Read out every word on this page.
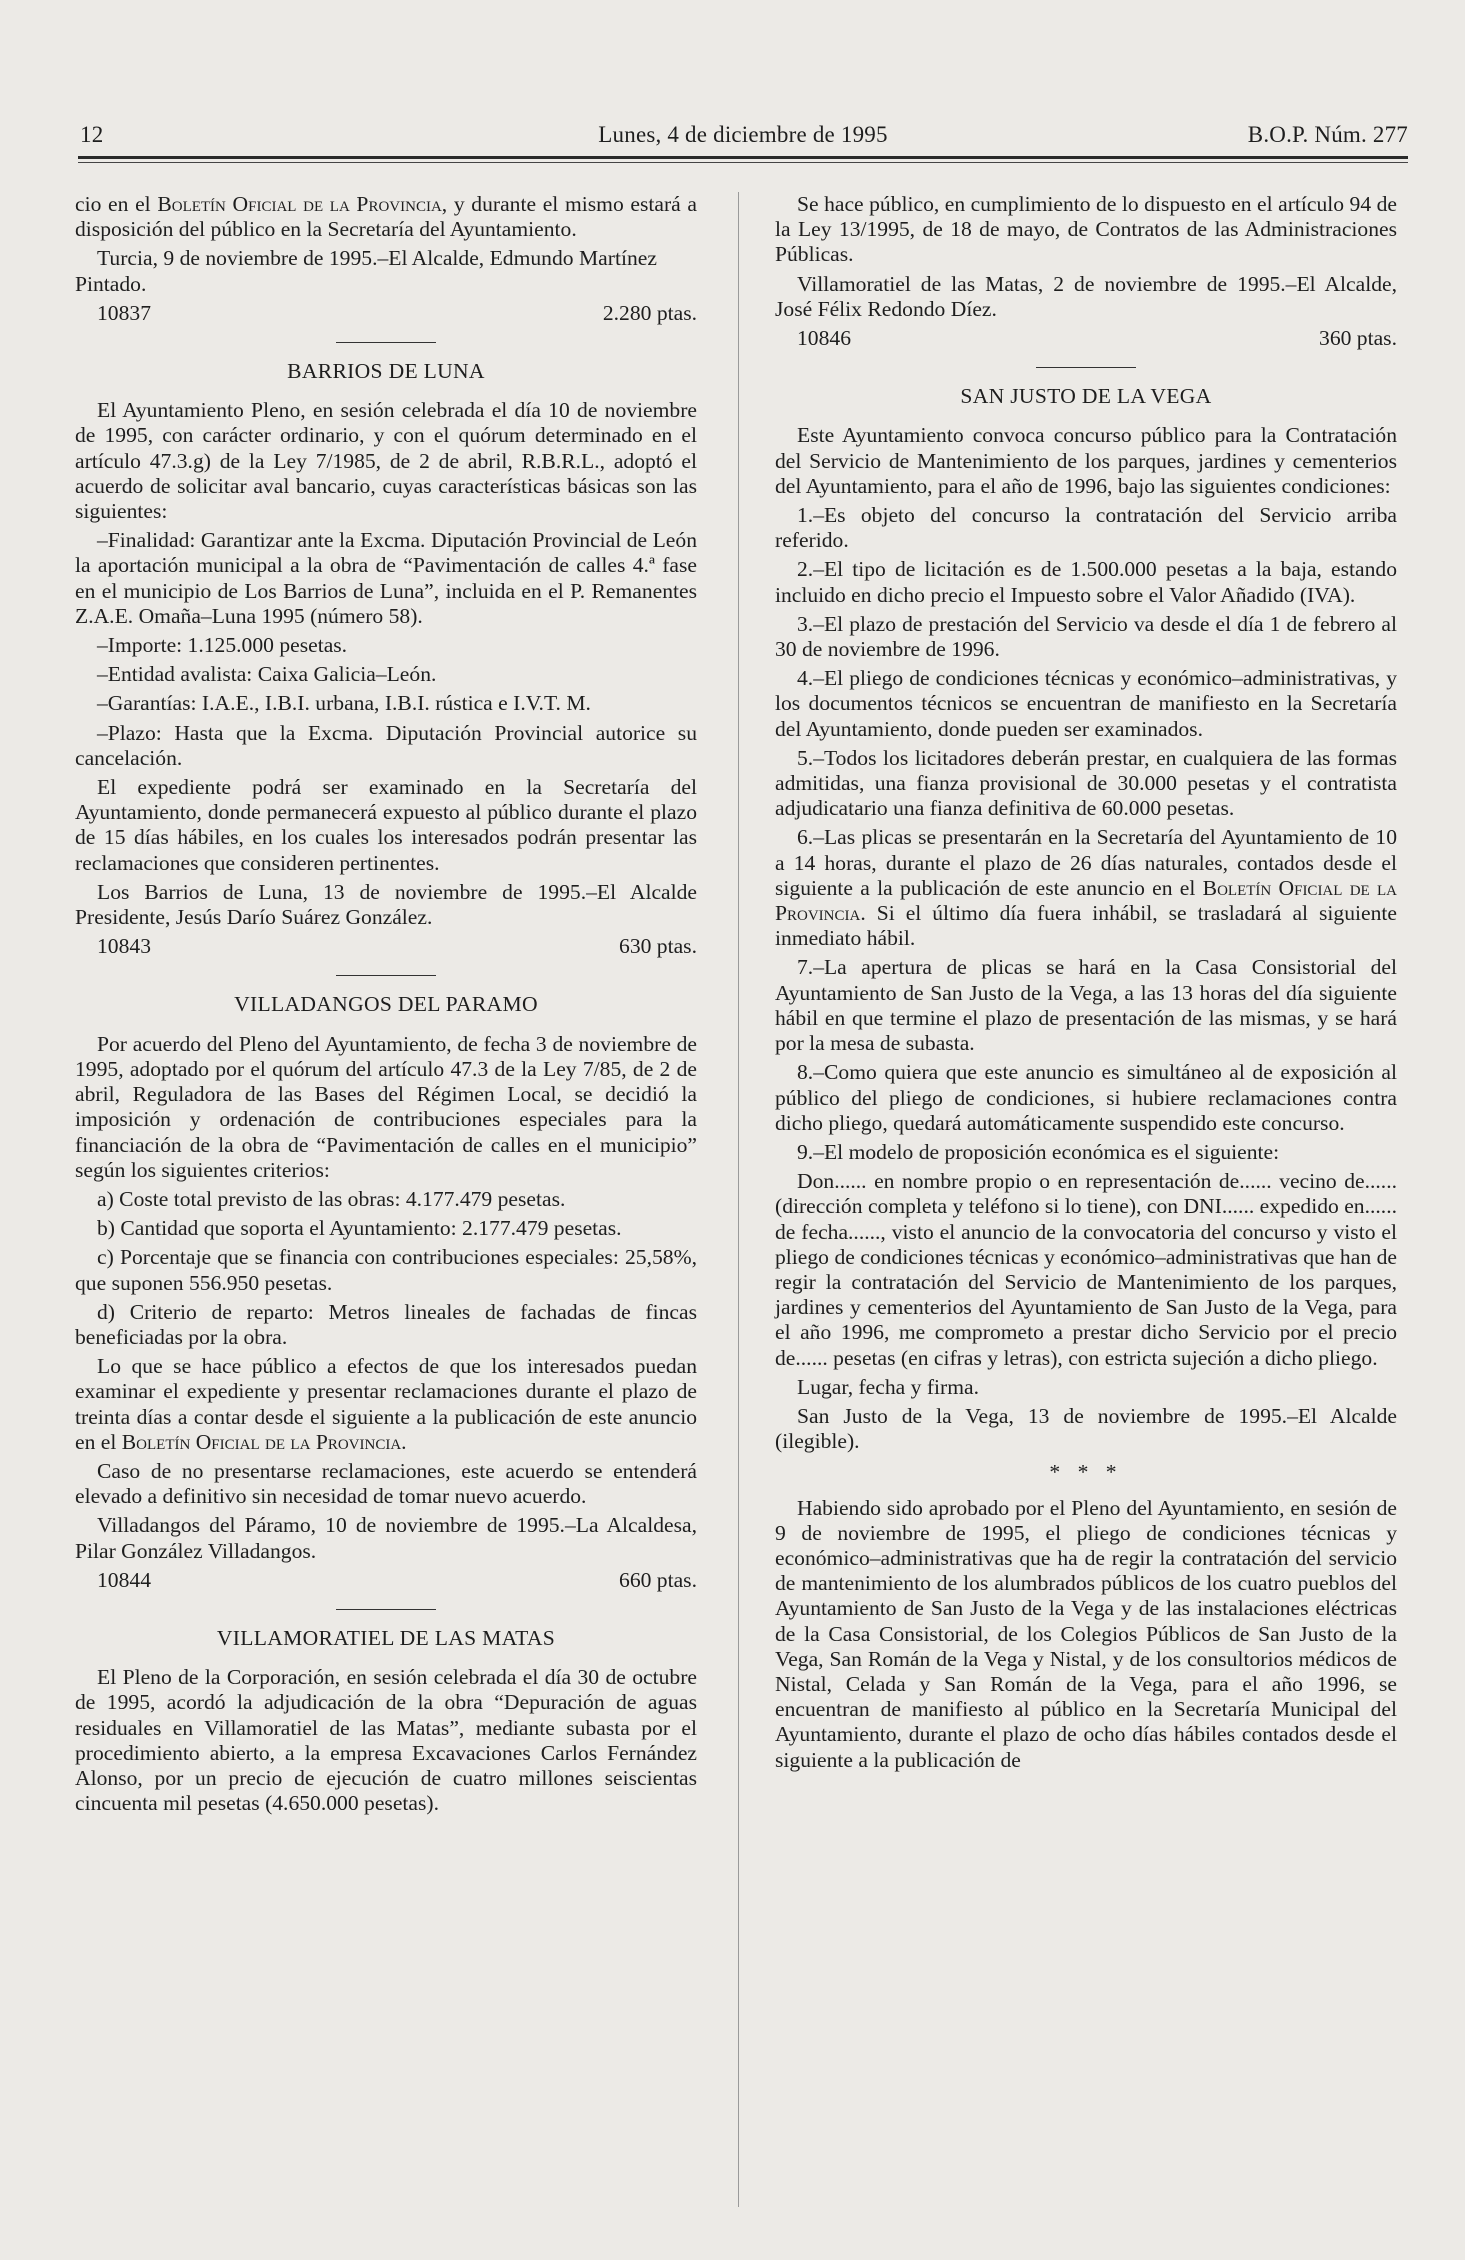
12	Lunes, 4 de diciembre de 1995	B.O.P. Núm. 277

cio en el Boletín Oficial de la Provincia, y durante el mismo estará a disposición del público en la Secretaría del Ayuntamiento.

Turcia, 9 de noviembre de 1995.–El Alcalde, Edmundo Martínez Pintado.

10837	2.280 ptas.
BARRIOS DE LUNA

El Ayuntamiento Pleno, en sesión celebrada el día 10 de noviembre de 1995, con carácter ordinario, y con el quórum determinado en el artículo 47.3.g) de la Ley 7/1985, de 2 de abril, R.B.R.L., adoptó el acuerdo de solicitar aval bancario, cuyas características básicas son las siguientes:

–Finalidad: Garantizar ante la Excma. Diputación Provincial de León la aportación municipal a la obra de “Pavimentación de calles 4.ª fase en el municipio de Los Barrios de Luna”, incluida en el P. Remanentes Z.A.E. Omaña–Luna 1995 (número 58).

–Importe: 1.125.000 pesetas.

–Entidad avalista: Caixa Galicia–León.

–Garantías: I.A.E., I.B.I. urbana, I.B.I. rústica e I.V.T. M.

–Plazo: Hasta que la Excma. Diputación Provincial autorice su cancelación.

El expediente podrá ser examinado en la Secretaría del Ayuntamiento, donde permanecerá expuesto al público durante el plazo de 15 días hábiles, en los cuales los interesados podrán presentar las reclamaciones que consideren pertinentes.

Los Barrios de Luna, 13 de noviembre de 1995.–El Alcalde Presidente, Jesús Darío Suárez González.

10843	630 ptas.
VILLADANGOS DEL PARAMO

Por acuerdo del Pleno del Ayuntamiento, de fecha 3 de noviembre de 1995, adoptado por el quórum del artículo 47.3 de la Ley 7/85, de 2 de abril, Reguladora de las Bases del Régimen Local, se decidió la imposición y ordenación de contribuciones especiales para la financiación de la obra de “Pavimentación de calles en el municipio” según los siguientes criterios:

a) Coste total previsto de las obras: 4.177.479 pesetas.

b) Cantidad que soporta el Ayuntamiento: 2.177.479 pesetas.

c) Porcentaje que se financia con contribuciones especiales: 25,58%, que suponen 556.950 pesetas.

d) Criterio de reparto: Metros lineales de fachadas de fincas beneficiadas por la obra.

Lo que se hace público a efectos de que los interesados puedan examinar el expediente y presentar reclamaciones durante el plazo de treinta días a contar desde el siguiente a la publicación de este anuncio en el Boletín Oficial de la Provincia.

Caso de no presentarse reclamaciones, este acuerdo se entenderá elevado a definitivo sin necesidad de tomar nuevo acuerdo.

Villadangos del Páramo, 10 de noviembre de 1995.–La Alcaldesa, Pilar González Villadangos.

10844	660 ptas.
VILLAMORATIEL DE LAS MATAS

El Pleno de la Corporación, en sesión celebrada el día 30 de octubre de 1995, acordó la adjudicación de la obra “Depuración de aguas residuales en Villamoratiel de las Matas”, mediante subasta por el procedimiento abierto, a la empresa Excavaciones Carlos Fernández Alonso, por un precio de ejecución de cuatro millones seiscientas cincuenta mil pesetas (4.650.000 pesetas).

Se hace público, en cumplimiento de lo dispuesto en el artículo 94 de la Ley 13/1995, de 18 de mayo, de Contratos de las Administraciones Públicas.

Villamoratiel de las Matas, 2 de noviembre de 1995.–El Alcalde, José Félix Redondo Díez.

10846	360 ptas.
SAN JUSTO DE LA VEGA

Este Ayuntamiento convoca concurso público para la Contratación del Servicio de Mantenimiento de los parques, jardines y cementerios del Ayuntamiento, para el año de 1996, bajo las siguientes condiciones:

1.–Es objeto del concurso la contratación del Servicio arriba referido.

2.–El tipo de licitación es de 1.500.000 pesetas a la baja, estando incluido en dicho precio el Impuesto sobre el Valor Añadido (IVA).

3.–El plazo de prestación del Servicio va desde el día 1 de febrero al 30 de noviembre de 1996.

4.–El pliego de condiciones técnicas y económico–administrativas, y los documentos técnicos se encuentran de manifiesto en la Secretaría del Ayuntamiento, donde pueden ser examinados.

5.–Todos los licitadores deberán prestar, en cualquiera de las formas admitidas, una fianza provisional de 30.000 pesetas y el contratista adjudicatario una fianza definitiva de 60.000 pesetas.

6.–Las plicas se presentarán en la Secretaría del Ayuntamiento de 10 a 14 horas, durante el plazo de 26 días naturales, contados desde el siguiente a la publicación de este anuncio en el Boletín Oficial de la Provincia. Si el último día fuera inhábil, se trasladará al siguiente inmediato hábil.

7.–La apertura de plicas se hará en la Casa Consistorial del Ayuntamiento de San Justo de la Vega, a las 13 horas del día siguiente hábil en que termine el plazo de presentación de las mismas, y se hará por la mesa de subasta.

8.–Como quiera que este anuncio es simultáneo al de exposición al público del pliego de condiciones, si hubiere reclamaciones contra dicho pliego, quedará automáticamente suspendido este concurso.

9.–El modelo de proposición económica es el siguiente:

Don...... en nombre propio o en representación de...... vecino de...... (dirección completa y teléfono si lo tiene), con DNI...... expedido en...... de fecha......, visto el anuncio de la convocatoria del concurso y visto el pliego de condiciones técnicas y económico–administrativas que han de regir la contratación del Servicio de Mantenimiento de los parques, jardines y cementerios del Ayuntamiento de San Justo de la Vega, para el año 1996, me comprometo a prestar dicho Servicio por el precio de...... pesetas (en cifras y letras), con estricta sujeción a dicho pliego.

Lugar, fecha y firma.

San Justo de la Vega, 13 de noviembre de 1995.–El Alcalde (ilegible).

* * *

Habiendo sido aprobado por el Pleno del Ayuntamiento, en sesión de 9 de noviembre de 1995, el pliego de condiciones técnicas y económico–administrativas que ha de regir la contratación del servicio de mantenimiento de los alumbrados públicos de los cuatro pueblos del Ayuntamiento de San Justo de la Vega y de las instalaciones eléctricas de la Casa Consistorial, de los Colegios Públicos de San Justo de la Vega, San Román de la Vega y Nistal, y de los consultorios médicos de Nistal, Celada y San Román de la Vega, para el año 1996, se encuentran de manifiesto al público en la Secretaría Municipal del Ayuntamiento, durante el plazo de ocho días hábiles contados desde el siguiente a la publicación de
